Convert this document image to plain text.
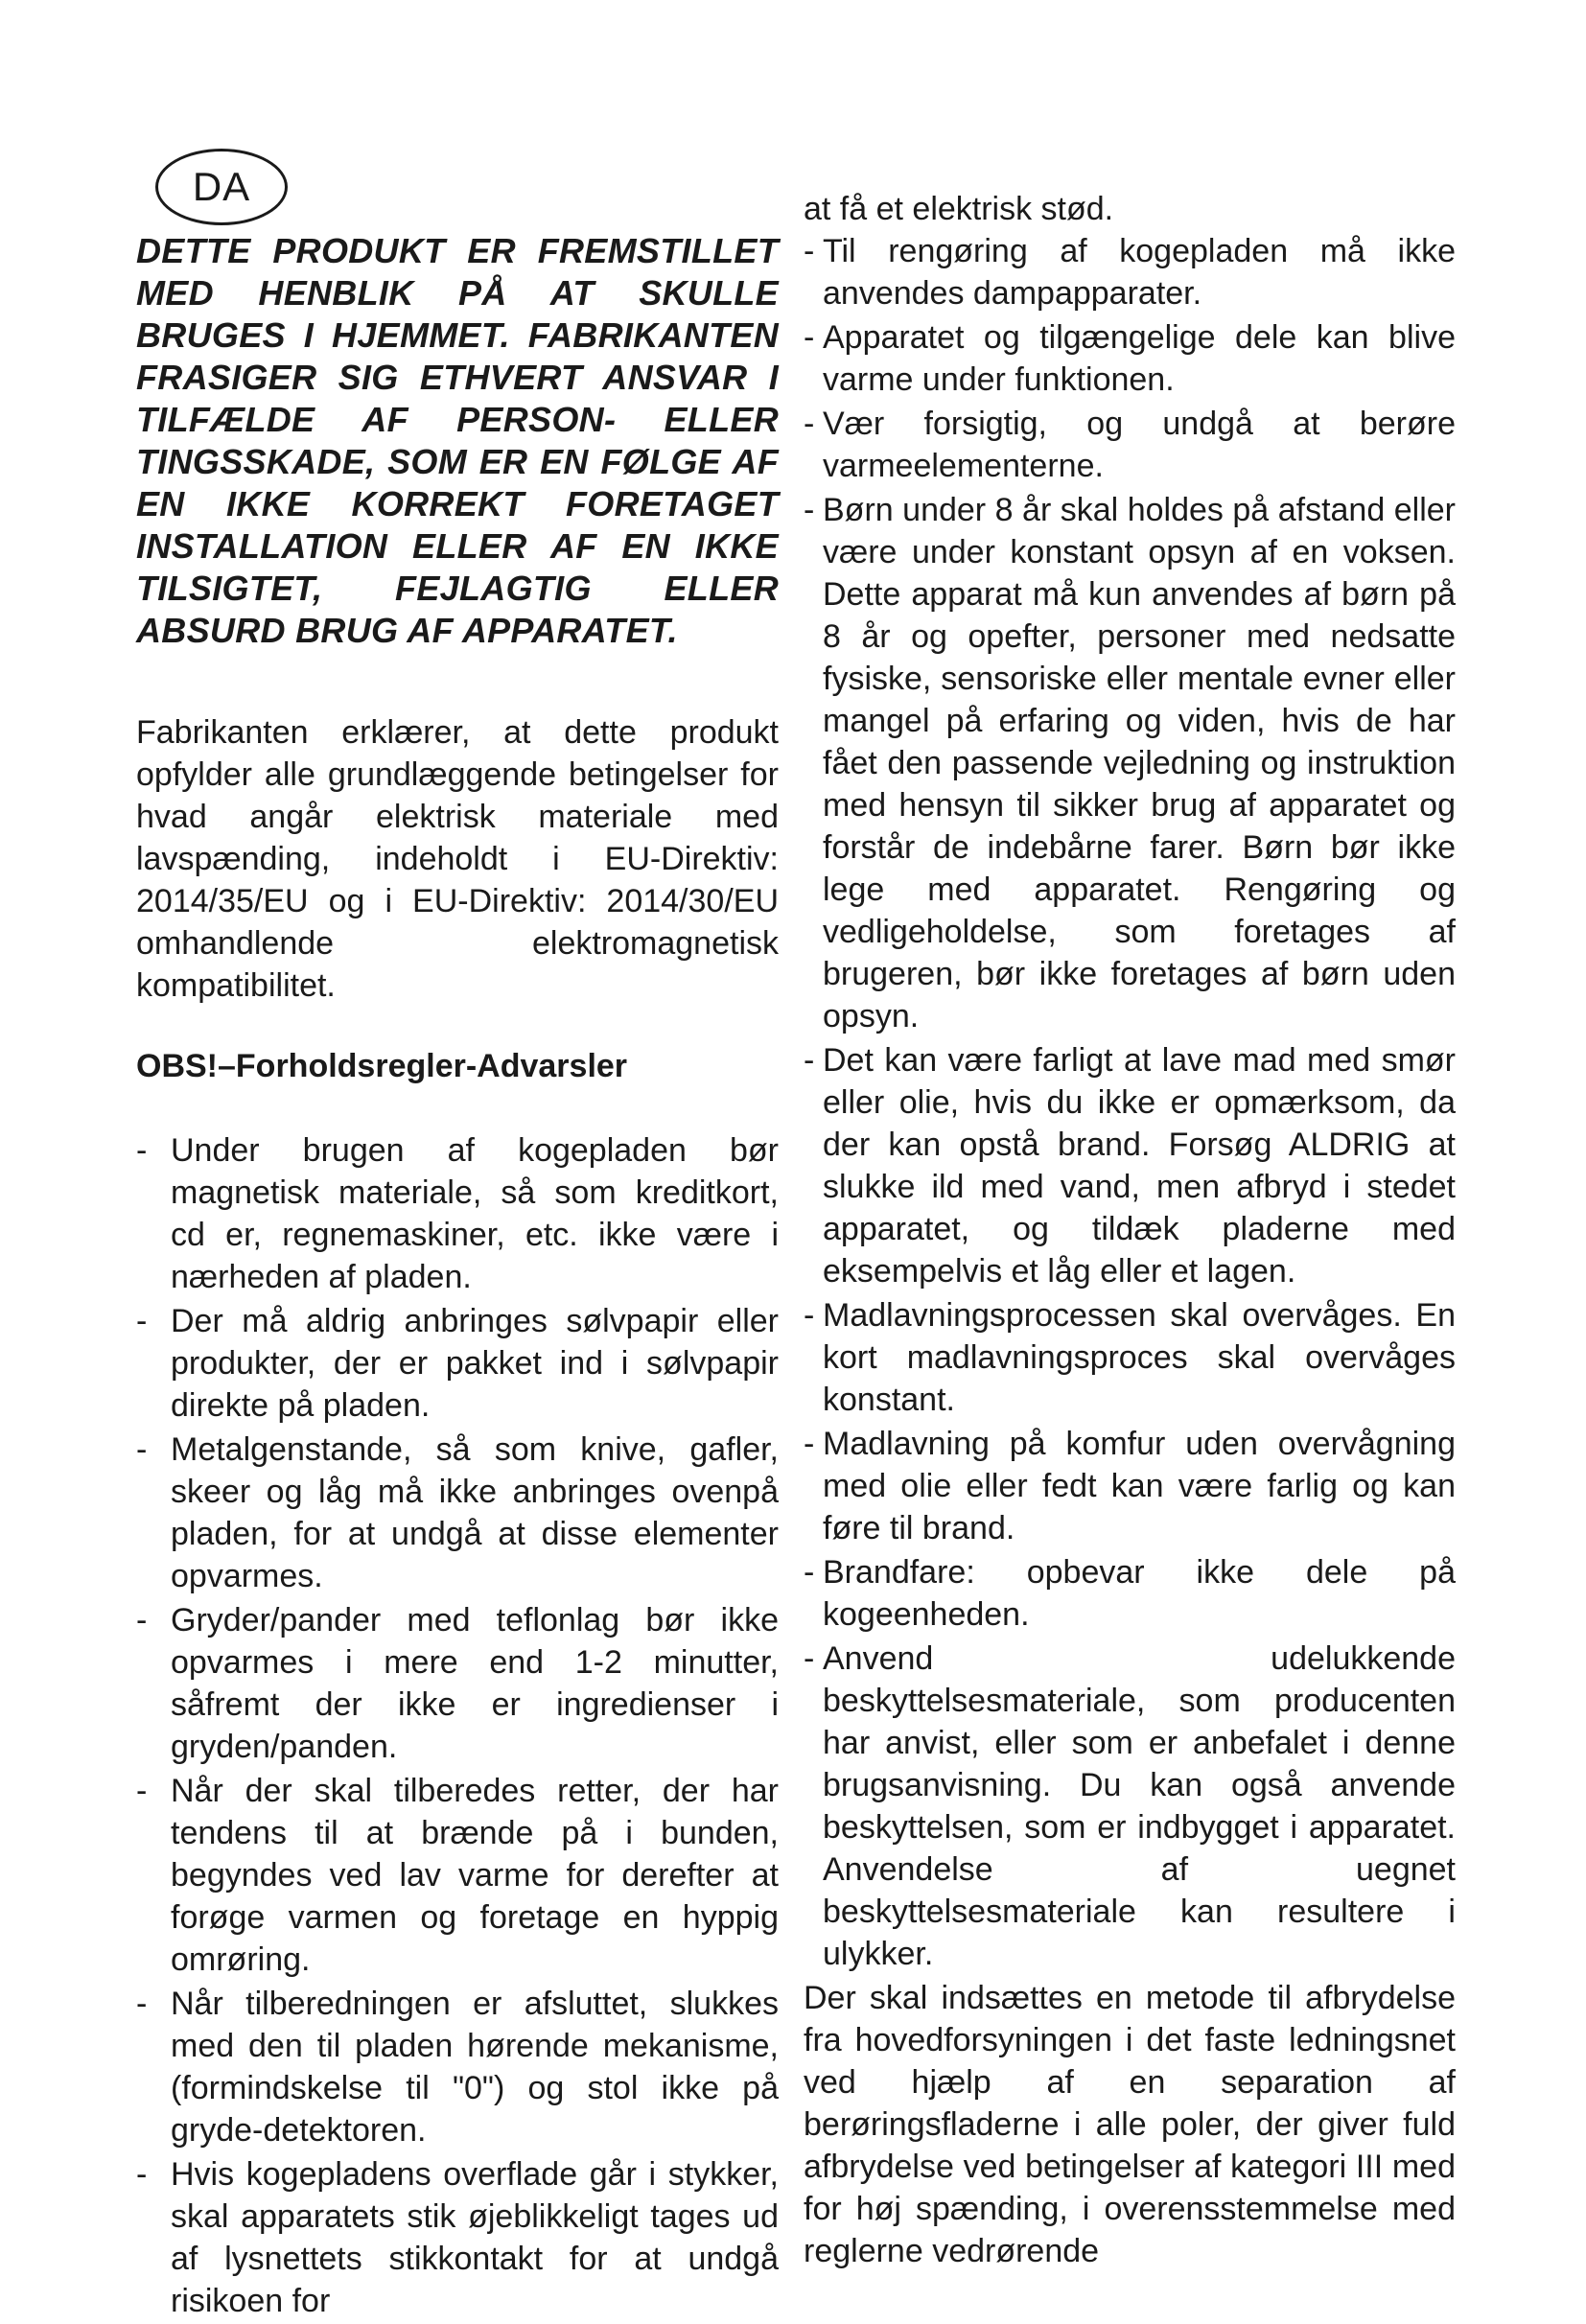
DA

DETTE PRODUKT ER FREMSTILLET MED HENBLIK PÅ AT SKULLE BRUGES I HJEMMET. FABRIKANTEN FRASIGER SIG ETHVERT ANSVAR I TILFÆLDE AF PERSON- ELLER TINGSSKADE, SOM ER EN FØLGE AF EN IKKE KORREKT FORETAGET INSTALLATION ELLER AF EN IKKE TILSIGTET, FEJLAGTIG ELLER ABSURD BRUG AF APPARATET.

Fabrikanten erklærer, at dette produkt opfylder alle grundlæggende betingelser for hvad angår elektrisk materiale med lavspænding, indeholdt i EU-Direktiv: 2014/35/EU og i EU-Direktiv: 2014/30/EU omhandlende elektromagnetisk kompatibilitet.

OBS!–Forholdsregler-Advarsler

- Under brugen af kogepladen bør magnetisk materiale, så som kreditkort, cd er, regnemaskiner, etc. ikke være i nærheden af pladen.
- Der må aldrig anbringes sølvpapir eller produkter, der er pakket ind i sølvpapir direkte på pladen.
- Metalgenstande, så som knive, gafler, skeer og låg må ikke anbringes ovenpå pladen, for at undgå at disse elementer opvarmes.
- Gryder/pander med teflonlag bør ikke opvarmes i mere end 1-2 minutter, såfremt der ikke er ingredienser i gryden/panden.
- Når der skal tilberedes retter, der har tendens til at brænde på i bunden, begyndes ved lav varme for derefter at forøge varmen og foretage en hyppig omrøring.
- Når tilberedningen er afsluttet, slukkes med den til pladen hørende mekanisme, (formindskelse til "0") og stol ikke på gryde-detektoren.
- Hvis kogepladens overflade går i stykker, skal apparatets stik øjeblikkeligt tages ud af lysnettets stikkontakt for at undgå risikoen for

at få et elektrisk stød.

- Til rengøring af kogepladen må ikke anvendes dampapparater.
- Apparatet og tilgængelige dele kan blive varme under funktionen.
- Vær forsigtig, og undgå at berøre varmeelementerne.
- Børn under 8 år skal holdes på afstand eller være under konstant opsyn af en voksen. Dette apparat må kun anvendes af børn på 8 år og opefter, personer med nedsatte fysiske, sensoriske eller mentale evner eller mangel på erfaring og viden, hvis de har fået den passende vejledning og instruktion med hensyn til sikker brug af apparatet og forstår de indebårne farer. Børn bør ikke lege med apparatet. Rengøring og vedligeholdelse, som foretages af brugeren, bør ikke foretages af børn uden opsyn.
- Det kan være farligt at lave mad med smør eller olie, hvis du ikke er opmærksom, da der kan opstå brand. Forsøg ALDRIG at slukke ild med vand, men afbryd i stedet apparatet, og tildæk pladerne med eksempelvis et låg eller et lagen.
- Madlavningsprocessen skal overvåges. En kort madlavningsproces skal overvåges konstant.
- Madlavning på komfur uden overvågning med olie eller fedt kan være farlig og kan føre til brand.
- Brandfare: opbevar ikke dele på kogeenheden.
- Anvend udelukkende beskyttelsesmateriale, som producenten har anvist, eller som er anbefalet i denne brugsanvisning. Du kan også anvende beskyttelsen, som er indbygget i apparatet. Anvendelse af uegnet beskyttelsesmateriale kan resultere i ulykker.

Der skal indsættes en metode til afbrydelse fra hovedforsyningen i det faste ledningsnet ved hjælp af en separation af berøringsfladerne i alle poler, der giver fuld afbrydelse ved betingelser af kategori III med for høj spænding, i overensstemmelse med reglerne vedrørende
